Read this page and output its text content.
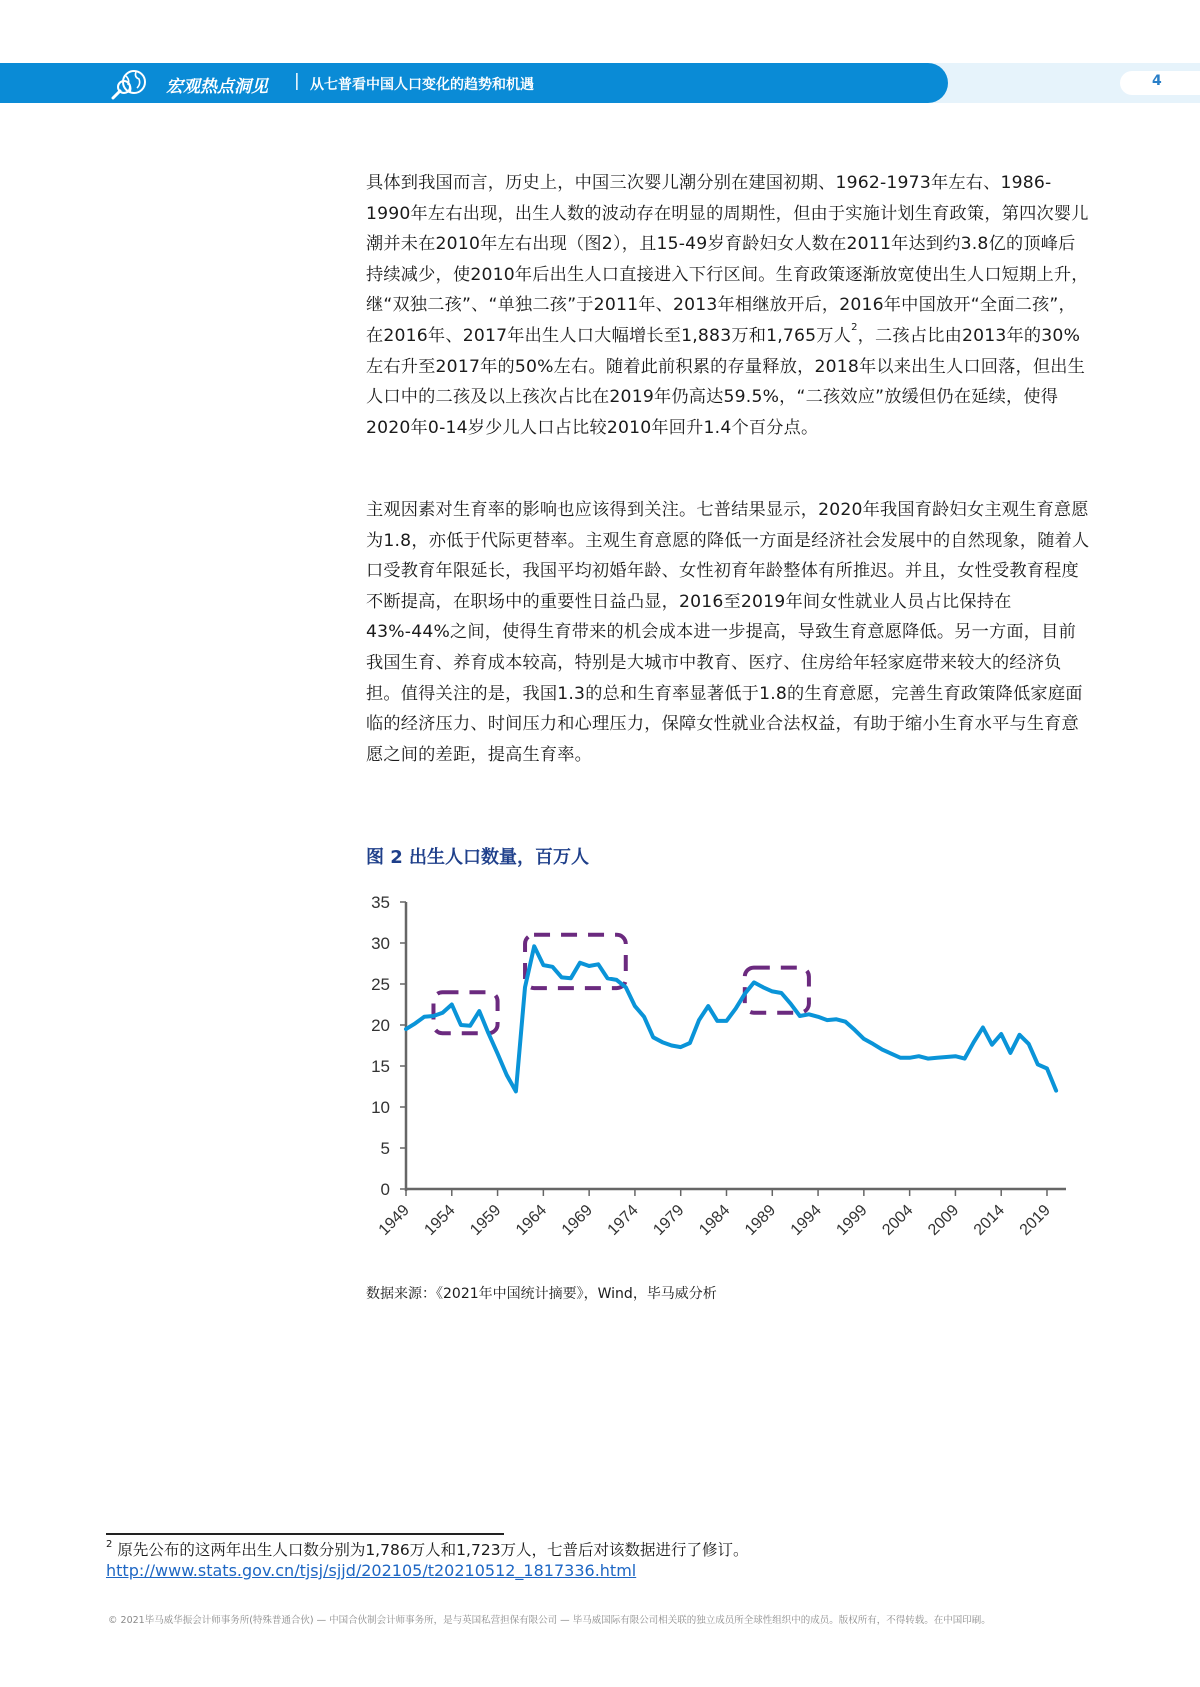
宏观热点洞见 | 从七普看中国人口变化的趋势和机遇	4
具体到我国而言，历史上，中国三次婴儿潮分别在建国初期、1962-1973年左右、1986-1990年左右出现，出生人数的波动存在明显的周期性，但由于实施计划生育政策，第四次婴儿潮并未在2010年左右出现（图2），且15-49岁育龄妇女人数在2011年达到约3.8亿的顶峰后持续减少，使2010年后出生人口直接进入下行区间。生育政策逐渐放宽使出生人口短期上升，继“双独二孩”、“单独二孩”于2011年、2013年相继放开后，2016年中国放开“全面二孩”，在2016年、2017年出生人口大幅增长至1,883万和1,765万人$^2$，二孩占比由2013年的30%左右升至2017年的50%左右。随着此前积累的存量释放，2018年以来出生人口回落，但出生人口中的二孩及以上孩次占比在2019年仍高达59.5%，“二孩效应”放缓但仍在延续，使得2020年0-14岁少儿人口占比较2010年回升1.4个百分点。
主观因素对生育率的影响也应该得到关注。七普结果显示，2020年我国育龄妇女主观生育意愿为1.8，亦低于代际更替率。主观生育意愿的降低一方面是经济社会发展中的自然现象，随着人口受教育年限延长，我国平均初婚年龄、女性初育年龄整体有所推迟。并且，女性受教育程度不断提高，在职场中的重要性日益凸显，2016至2019年间女性就业人员占比保持在43%-44%之间，使得生育带来的机会成本进一步提高，导致生育意愿降低。另一方面，目前我国生育、养育成本较高，特别是大城市中教育、医疗、住房给年轻家庭带来较大的经济负担。值得关注的是，我国1.3的总和生育率显著低于1.8的生育意愿，完善生育政策降低家庭面临的经济压力、时间压力和心理压力，保障女性就业合法权益，有助于缩小生育水平与生育意愿之间的差距，提高生育率。
图 2 出生人口数量，百万人
0
5
10
15
20
25
30
35
1949 1954 1959 1964 1969 1974 1979 1984 1989 1994 1999 2004 2009 2014 2019
数据来源：《2021年中国统计摘要》，Wind，毕马威分析
$^2$ 原先公布的这两年出生人口数分别为1,786万人和1,723万人，七普后对该数据进行了修订。
http://www.stats.gov.cn/tjsj/sjjd/202105/t20210512_1817336.html
© 2021毕马威华振会计师事务所(特殊普通合伙) — 中国合伙制会计师事务所，是与英国私营担保有限公司 — 毕马威国际有限公司相关联的独立成员所全球性组织中的成员。版权所有，不得转载。在中国印刷。
